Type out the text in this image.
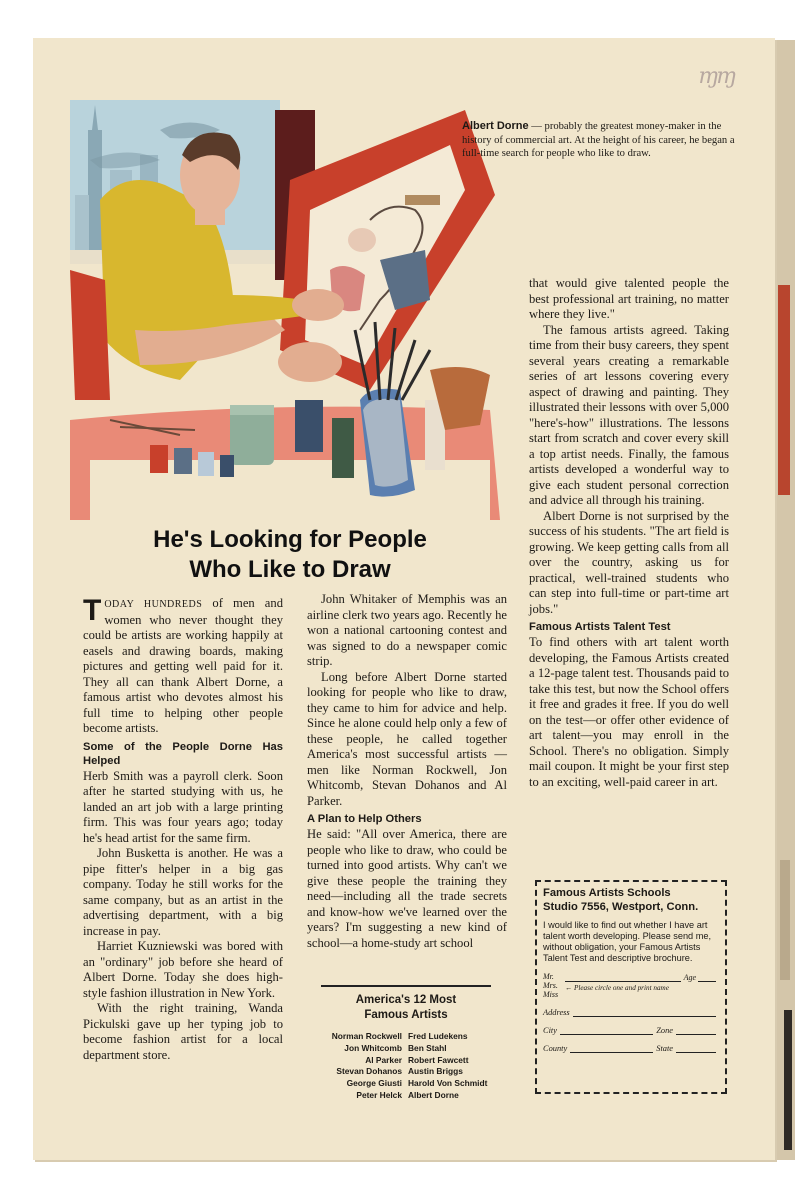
ɱɱ
Albert Dorne — probably the greatest money-maker in the history of commercial art. At the height of his career, he began a full-time search for people who like to draw.
He's Looking for People
Who Like to Draw

TODAY HUNDREDS of men and women who never thought they could be artists are working happily at easels and drawing boards, making pictures and getting well paid for it. They all can thank Albert Dorne, a famous artist who devotes almost his full time to helping other people become artists.

Some of the People Dorne Has Helped

Herb Smith was a payroll clerk. Soon after he started studying with us, he landed an art job with a large printing firm. This was four years ago; today he's head artist for the same firm.

John Busketta is another. He was a pipe fitter's helper in a big gas company. Today he still works for the same company, but as an artist in the advertising department, with a big increase in pay.

Harriet Kuzniewski was bored with an "ordinary" job before she heard of Albert Dorne. Today she does high-style fashion illustration in New York.

With the right training, Wanda Pickulski gave up her typing job to become fashion artist for a local department store.

John Whitaker of Memphis was an airline clerk two years ago. Recently he won a national cartooning contest and was signed to do a newspaper comic strip.

Long before Albert Dorne started looking for people who like to draw, they came to him for advice and help. Since he alone could help only a few of these people, he called together America's most successful artists —men like Norman Rockwell, Jon Whitcomb, Stevan Dohanos and Al Parker.

A Plan to Help Others

He said: "All over America, there are people who like to draw, who could be turned into good artists. Why can't we give these people the training they need—including all the trade secrets and know-how we've learned over the years? I'm suggesting a new kind of school—a home-study art school

America's 12 Most
Famous Artists
Norman Rockwell Fred Ludekens
Jon Whitcomb Ben Stahl
Al Parker Robert Fawcett
Stevan Dohanos Austin Briggs
George Giusti Harold Von Schmidt
Peter Helck Albert Dorne

that would give talented people the best professional art training, no matter where they live."

The famous artists agreed. Taking time from their busy careers, they spent several years creating a remarkable series of art lessons covering every aspect of drawing and painting. They illustrated their lessons with over 5,000 "here's-how" illustrations. The lessons start from scratch and cover every skill a top artist needs. Finally, the famous artists developed a wonderful way to give each student personal correction and advice all through his training.

Albert Dorne is not surprised by the success of his students. "The art field is growing. We keep getting calls from all over the country, asking us for practical, well-trained students who can step into full-time or part-time art jobs."

Famous Artists Talent Test

To find others with art talent worth developing, the Famous Artists created a 12-page talent test. Thousands paid to take this test, but now the School offers it free and grades it free. If you do well on the test—or offer other evidence of art talent—you may enroll in the School. There's no obligation. Simply mail coupon. It might be your first step to an exciting, well-paid career in art.

Famous Artists Schools
Studio 7556, Westport, Conn.
I would like to find out whether I have art talent worth developing. Please send me, without obligation, your Famous Artists Talent Test and descriptive brochure.
Mr.
Mrs.
Miss
Age
← Please circle one and print name
Address
City	Zone
County	State
